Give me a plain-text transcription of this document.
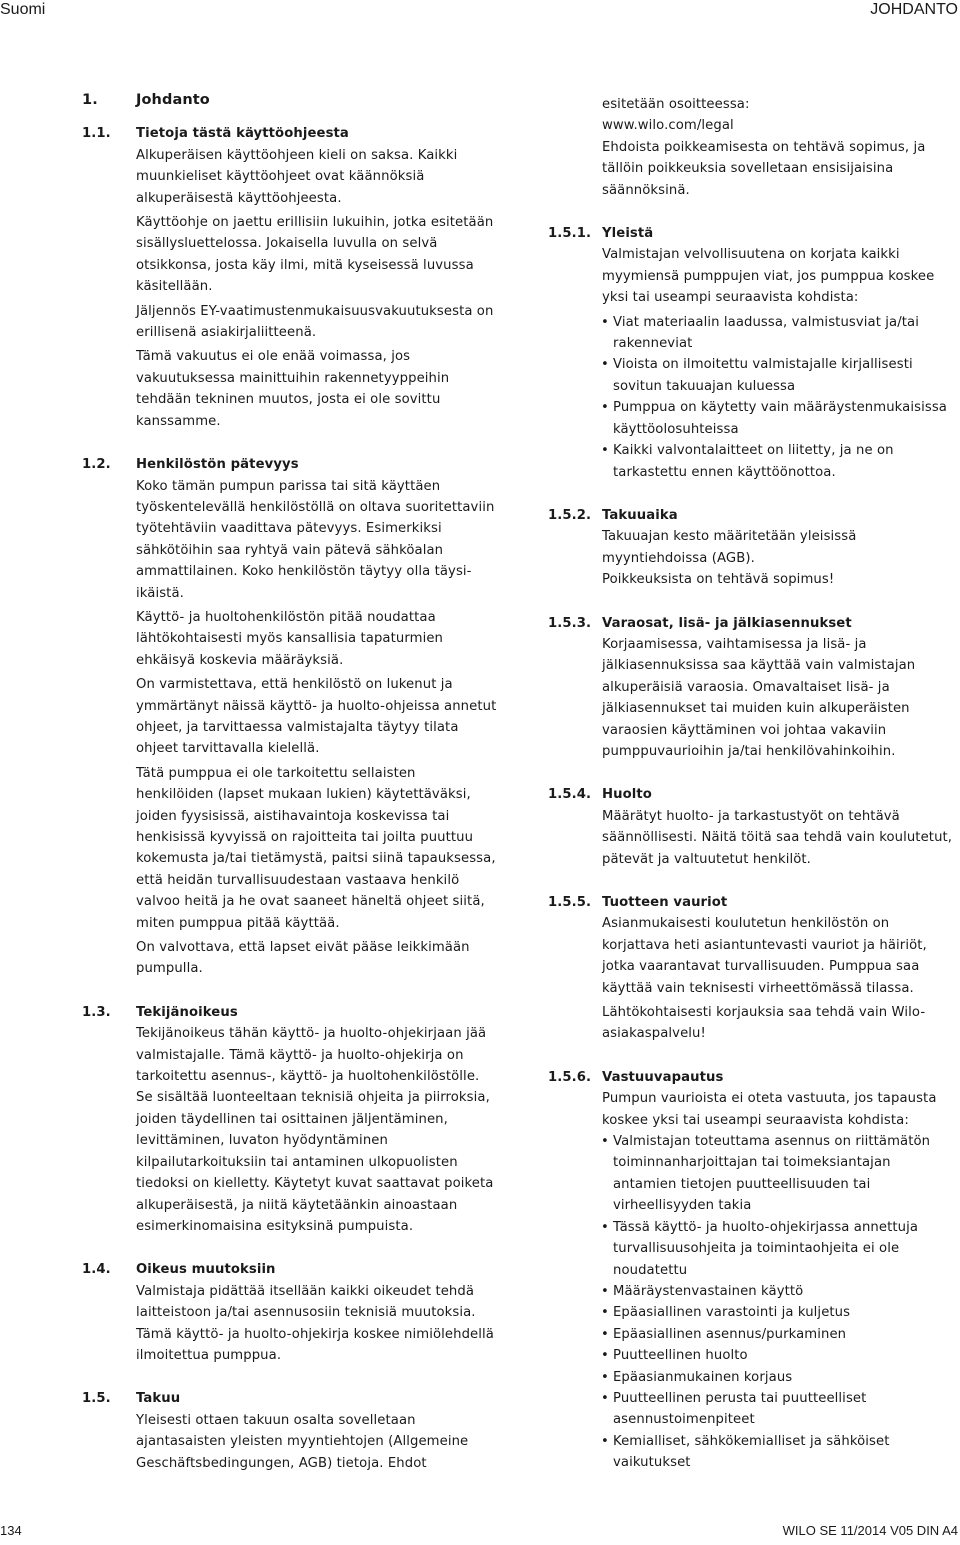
Suomi	JOHDANTO
1.	Johdanto
1.1. Tietoja tästä käyttöohjeesta
Alkuperäisen käyttöohjeen kieli on saksa. Kaikki muunkieliset käyttöohjeet ovat käännöksiä alkuperäisestä käyttöohjeesta.
Käyttöohje on jaettu erillisiin lukuihin, jotka esitetään sisällysluettelossa. Jokaisella luvulla on selvä otsikkonsa, josta käy ilmi, mitä kyseisessä luvussa käsitellään.
Jäljennös EY-vaatimustenmukaisuusvakuutuksesta on erillisenä asiakirjaliitteenä.
Tämä vakuutus ei ole enää voimassa, jos vakuutuksessa mainittuihin rakennetyyppeihin tehdään tekninen muutos, josta ei ole sovittu kanssamme.
1.2. Henkilöstön pätevyys
Koko tämän pumpun parissa tai sitä käyttäen työskentelevällä henkilöstöllä on oltava suoritettaviin työtehtäviin vaadittava pätevyys. Esimerkiksi sähkötöihin saa ryhtyä vain pätevä sähköalan ammattilainen. Koko henkilöstön täytyy olla täysi-ikäistä.
Käyttö- ja huoltohenkilöstön pitää noudattaa lähtökohtaisesti myös kansallisia tapaturmien ehkäisyä koskevia määräyksiä.
On varmistettava, että henkilöstö on lukenut ja ymmärtänyt näissä käyttö- ja huolto-ohjeissa annetut ohjeet, ja tarvittaessa valmistajalta täytyy tilata ohjeet tarvittavalla kielellä.
Tätä pumppua ei ole tarkoitettu sellaisten henkilöiden (lapset mukaan lukien) käytettäväksi, joiden fyysisissä, aistihavaintoja koskevissa tai henkisissä kyvyissä on rajoitteita tai joilta puuttuu kokemusta ja/tai tietämystä, paitsi siinä tapauksessa, että heidän turvallisuudestaan vastaava henkilö valvoo heitä ja he ovat saaneet häneltä ohjeet siitä, miten pumppua pitää käyttää.
On valvottava, että lapset eivät pääse leikkimään pumpulla.
1.3. Tekijänoikeus
Tekijänoikeus tähän käyttö- ja huolto-ohjekirjaan jää valmistajalle. Tämä käyttö- ja huolto-ohjekirja on tarkoitettu asennus-, käyttö- ja huoltohenkilöstölle. Se sisältää luonteeltaan teknisiä ohjeita ja piirroksia, joiden täydellinen tai osittainen jäljentäminen, levittäminen, luvaton hyödyntäminen kilpailutarkoituksiin tai antaminen ulkopuolisten tiedoksi on kielletty. Käytetyt kuvat saattavat poiketa alkuperäisestä, ja niitä käytetäänkin ainoastaan esimerkinomaisina esityksinä pumpuista.
1.4. Oikeus muutoksiin
Valmistaja pidättää itsellään kaikki oikeudet tehdä laitteistoon ja/tai asennusosiin teknisiä muutoksia. Tämä käyttö- ja huolto-ohjekirja koskee nimiölehdellä ilmoitettua pumppua.
1.5. Takuu
Yleisesti ottaen takuun osalta sovelletaan ajantasaisten yleisten myyntiehtojen (Allgemeine Geschäftsbedingungen, AGB) tietoja. Ehdot
esitetään osoitteessa:
www.wilo.com/legal
Ehdoista poikkeamisesta on tehtävä sopimus, ja tällöin poikkeuksia sovelletaan ensisijaisina säännöksinä.
1.5.1. Yleistä
Valmistajan velvollisuutena on korjata kaikki myymiensä pumppujen viat, jos pumppua koskee yksi tai useampi seuraavista kohdista:
• Viat materiaalin laadussa, valmistusviat ja/tai rakenneviat
• Vioista on ilmoitettu valmistajalle kirjallisesti sovitun takuuajan kuluessa
• Pumppua on käytetty vain määräystenmukaisissa käyttöolosuhteissa
• Kaikki valvontalaitteet on liitetty, ja ne on tarkastettu ennen käyttöönottoa.
1.5.2. Takuuaika
Takuuajan kesto määritetään yleisissä myyntiehdoissa (AGB).
Poikkeuksista on tehtävä sopimus!
1.5.3. Varaosat, lisä- ja jälkiasennukset
Korjaamisessa, vaihtamisessa ja lisä- ja jälkiasennuksissa saa käyttää vain valmistajan alkuperäisiä varaosia. Omavaltaiset lisä- ja jälkiasennukset tai muiden kuin alkuperäisten varaosien käyttäminen voi johtaa vakaviin pumppuvaurioihin ja/tai henkilövahinkoihin.
1.5.4. Huolto
Määrätyt huolto- ja tarkastustyöt on tehtävä säännöllisesti. Näitä töitä saa tehdä vain koulutetut, pätevät ja valtuutetut henkilöt.
1.5.5. Tuotteen vauriot
Asianmukaisesti koulutetun henkilöstön on korjattava heti asiantuntevasti vauriot ja häiriöt, jotka vaarantavat turvallisuuden. Pumppua saa käyttää vain teknisesti virheettömässä tilassa.
Lähtökohtaisesti korjauksia saa tehdä vain Wilo-asiakaspalvelu!
1.5.6. Vastuuvapautus
Pumpun vaurioista ei oteta vastuuta, jos tapausta koskee yksi tai useampi seuraavista kohdista:
• Valmistajan toteuttama asennus on riittämätön toiminnanharjoittajan tai toimeksiantajan antamien tietojen puutteellisuuden tai virheellisyyden takia
• Tässä käyttö- ja huolto-ohjekirjassa annettuja turvallisuusohjeita ja toimintaohjeita ei ole noudatettu
• Määräystenvastainen käyttö
• Epäasiallinen varastointi ja kuljetus
• Epäasiallinen asennus/purkaminen
• Puutteellinen huolto
• Epäasianmukainen korjaus
• Puutteellinen perusta tai puutteelliset asennustoimenpiteet
• Kemialliset, sähkökemialliset ja sähköiset vaikutukset
134	WILO SE 11/2014 V05 DIN A4
